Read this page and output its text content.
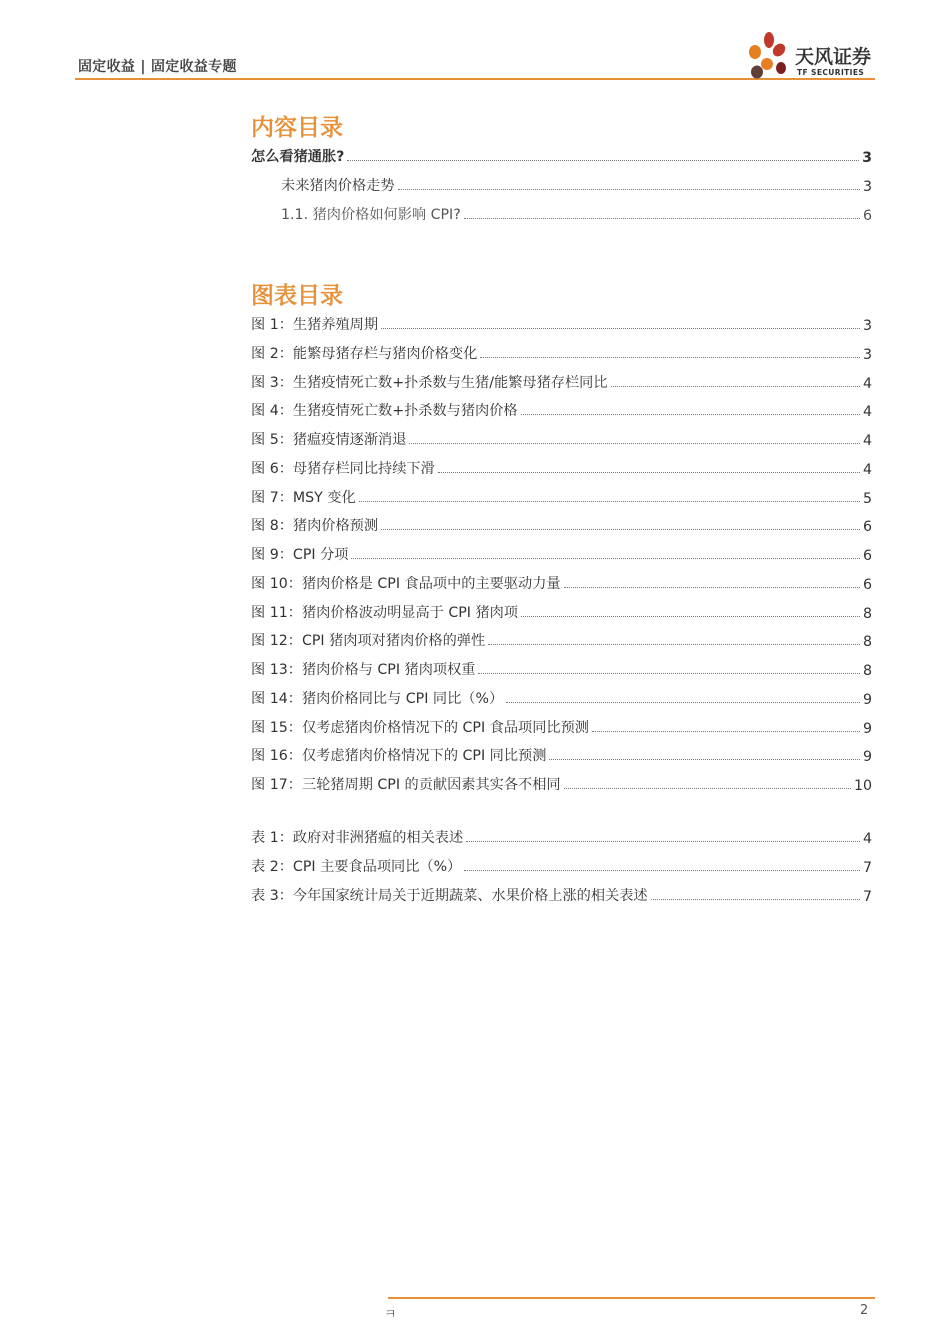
固定收益 | 固定收益专题	天风证券
TF SECURITIES
内容目录
怎么看猪通胀?	3
未来猪肉价格走势	3
1.1. 猪肉价格如何影响 CPI?	6
图表目录
图 1：生猪养殖周期	3
图 2：能繁母猪存栏与猪肉价格变化	3
图 3：生猪疫情死亡数+扑杀数与生猪/能繁母猪存栏同比	4
图 4：生猪疫情死亡数+扑杀数与猪肉价格	4
图 5：猪瘟疫情逐渐消退	4
图 6：母猪存栏同比持续下滑	4
图 7：MSY 变化	5
图 8：猪肉价格预测	6
图 9：CPI 分项	6
图 10：猪肉价格是 CPI 食品项中的主要驱动力量	6
图 11：猪肉价格波动明显高于 CPI 猪肉项	8
图 12：CPI 猪肉项对猪肉价格的弹性	8
图 13：猪肉价格与 CPI 猪肉项权重	8
图 14：猪肉价格同比与 CPI 同比（%）	9
图 15：仅考虑猪肉价格情况下的 CPI 食品项同比预测	9
图 16：仅考虑猪肉价格情况下的 CPI 同比预测	9
图 17：三轮猪周期 CPI 的贡献因素其实各不相同	10
表 1：政府对非洲猪瘟的相关表述	4
表 2：CPI 主要食品项同比（%）	7
表 3：今年国家统计局关于近期蔬菜、水果价格上涨的相关表述	7
ㅋ	2
